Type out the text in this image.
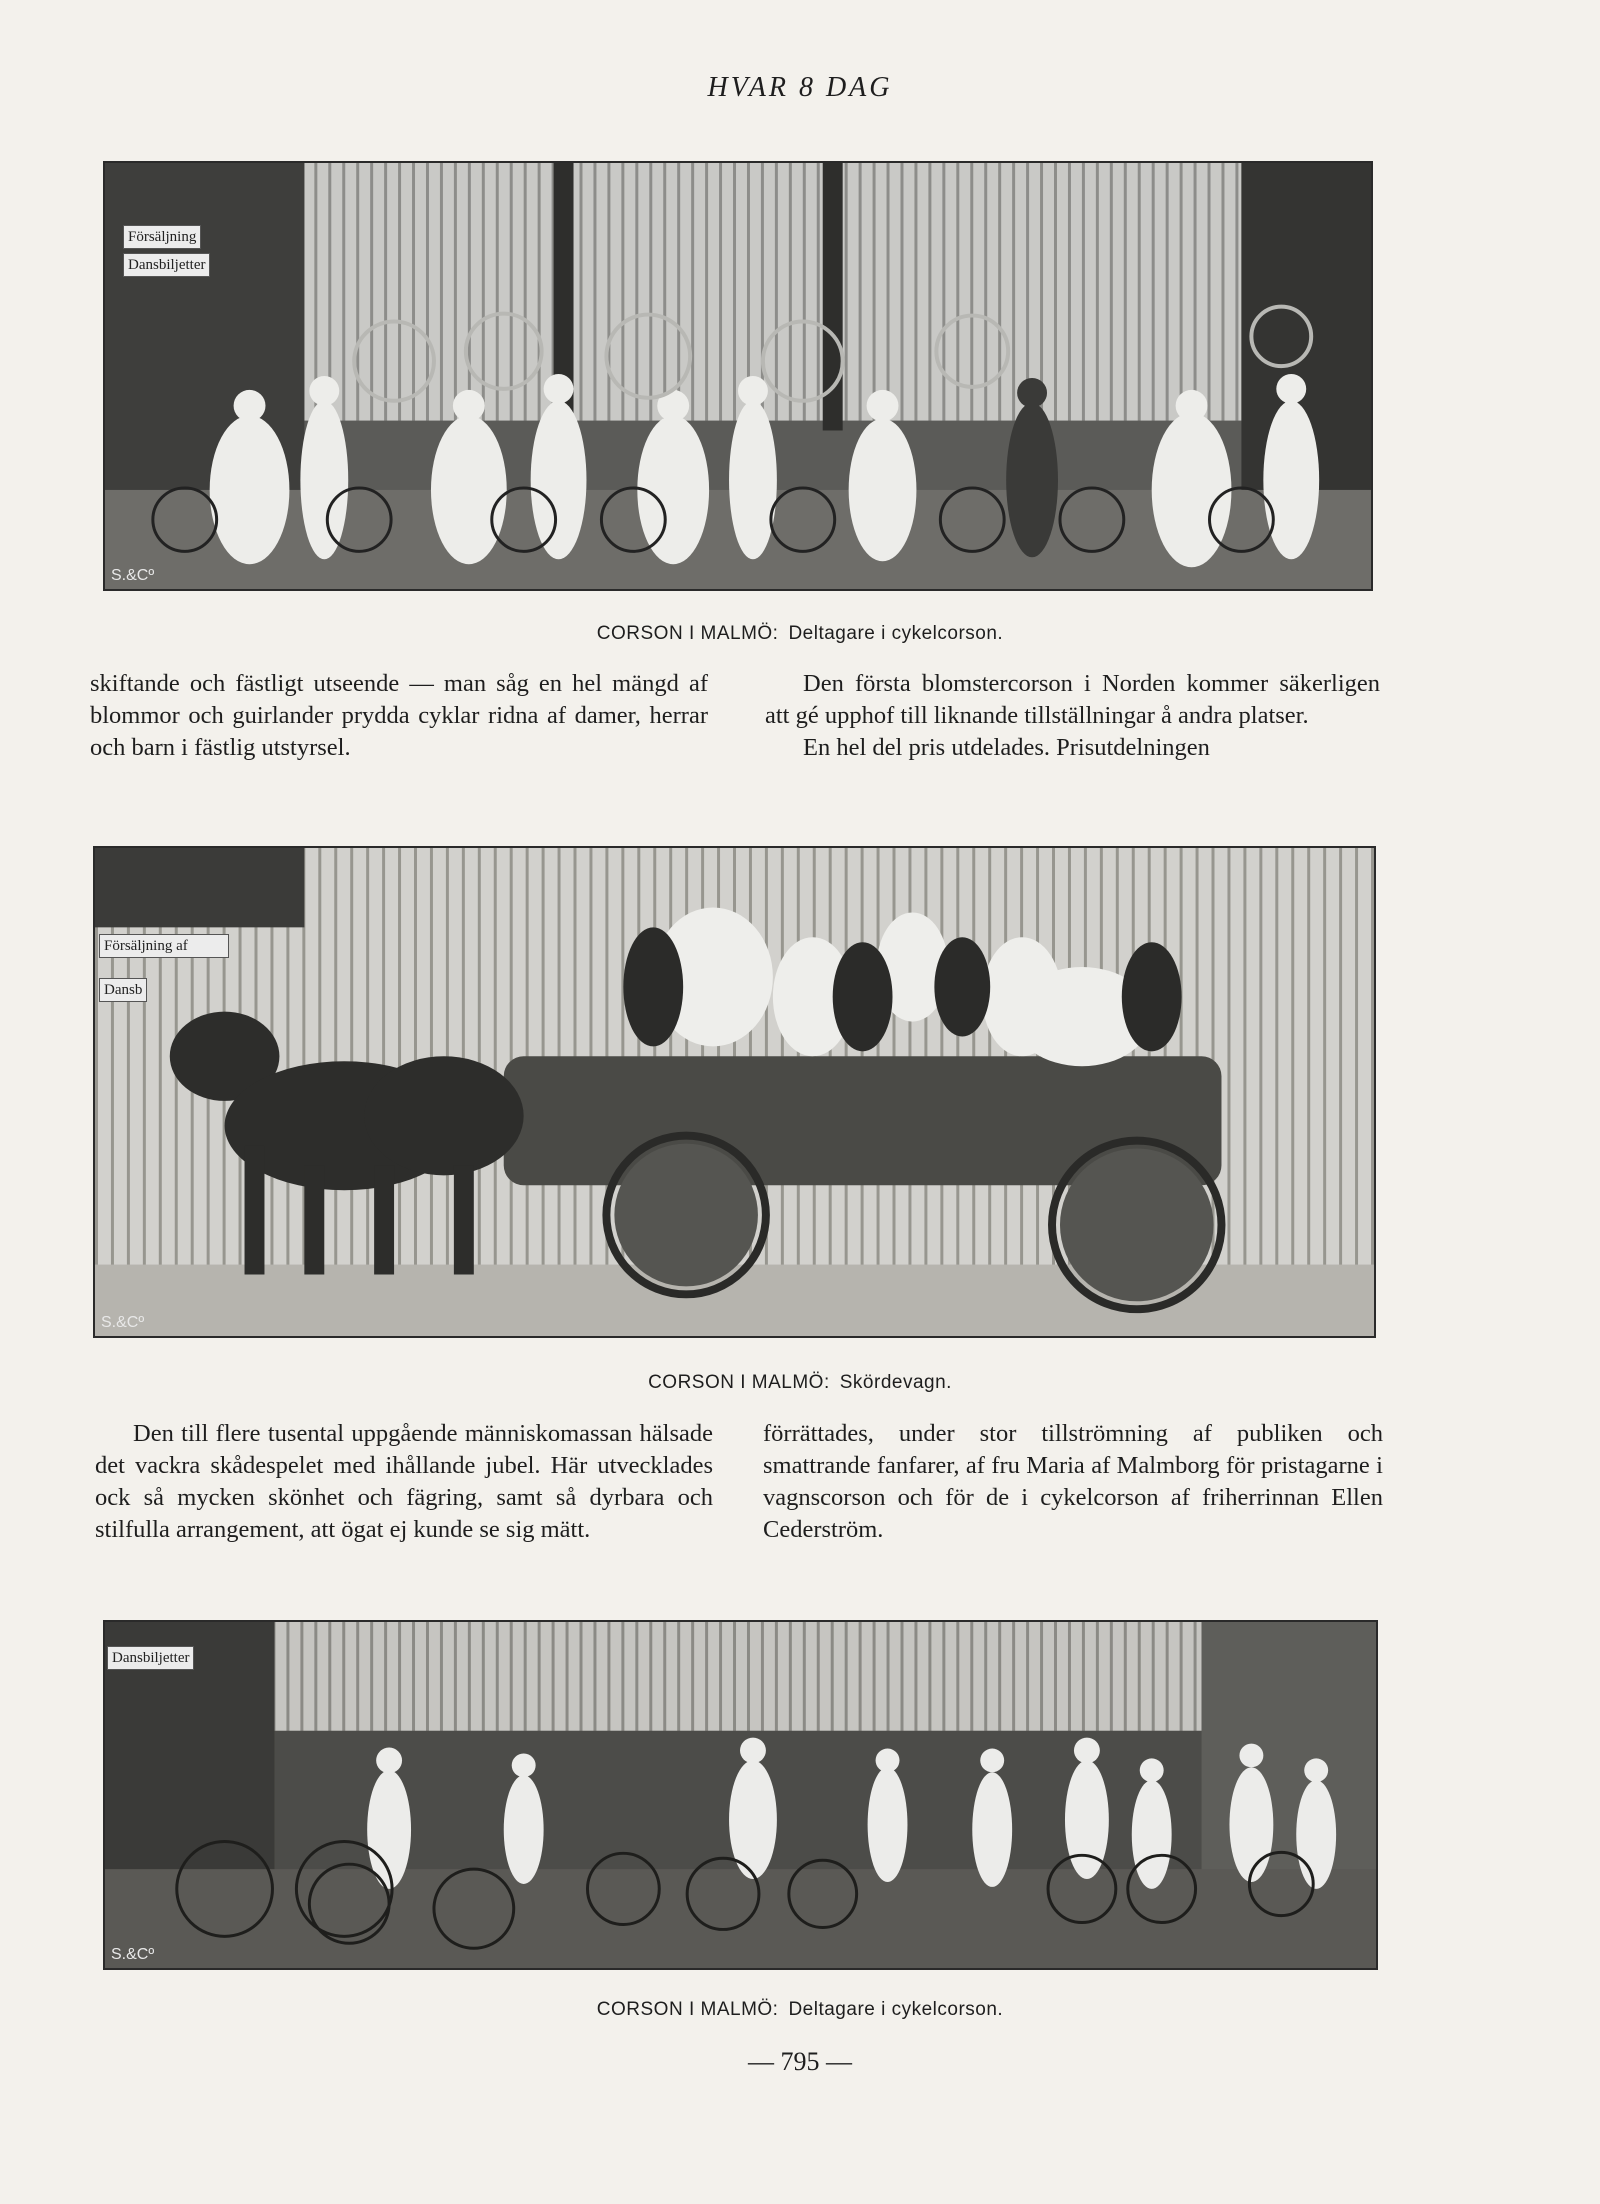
HVAR 8 DAG
Försäljning
Dansbiljetter
S.&Cº
CORSON I MALMÖ: Deltagare i cykelcorson.

skiftande och fästligt utseende — man såg en hel mängd af blommor och guirlander prydda cyklar ridna af damer, herrar och barn i fästlig utstyrsel.

Den första blomstercorson i Norden kommer säkerligen att gé upphof till liknande tillställningar å andra platser.

En hel del pris utdelades. Prisutdelningen

Försäljning af
Dansb
S.&Cº
CORSON I MALMÖ: Skördevagn.

Den till flere tusental uppgående människomassan hälsade det vackra skådespelet med ihållande jubel. Här utvecklades ock så mycken skönhet och fägring, samt så dyrbara och stilfulla arrangement, att ögat ej kunde se sig mätt.

förrättades, under stor tillströmning af publiken och smattrande fanfarer, af fru Maria af Malmborg för pristagarne i vagnscorson och för de i cykelcorson af friherrinnan Ellen Cederström.

Dansbiljetter
S.&Cº
CORSON I MALMÖ: Deltagare i cykelcorson.
— 795 —
